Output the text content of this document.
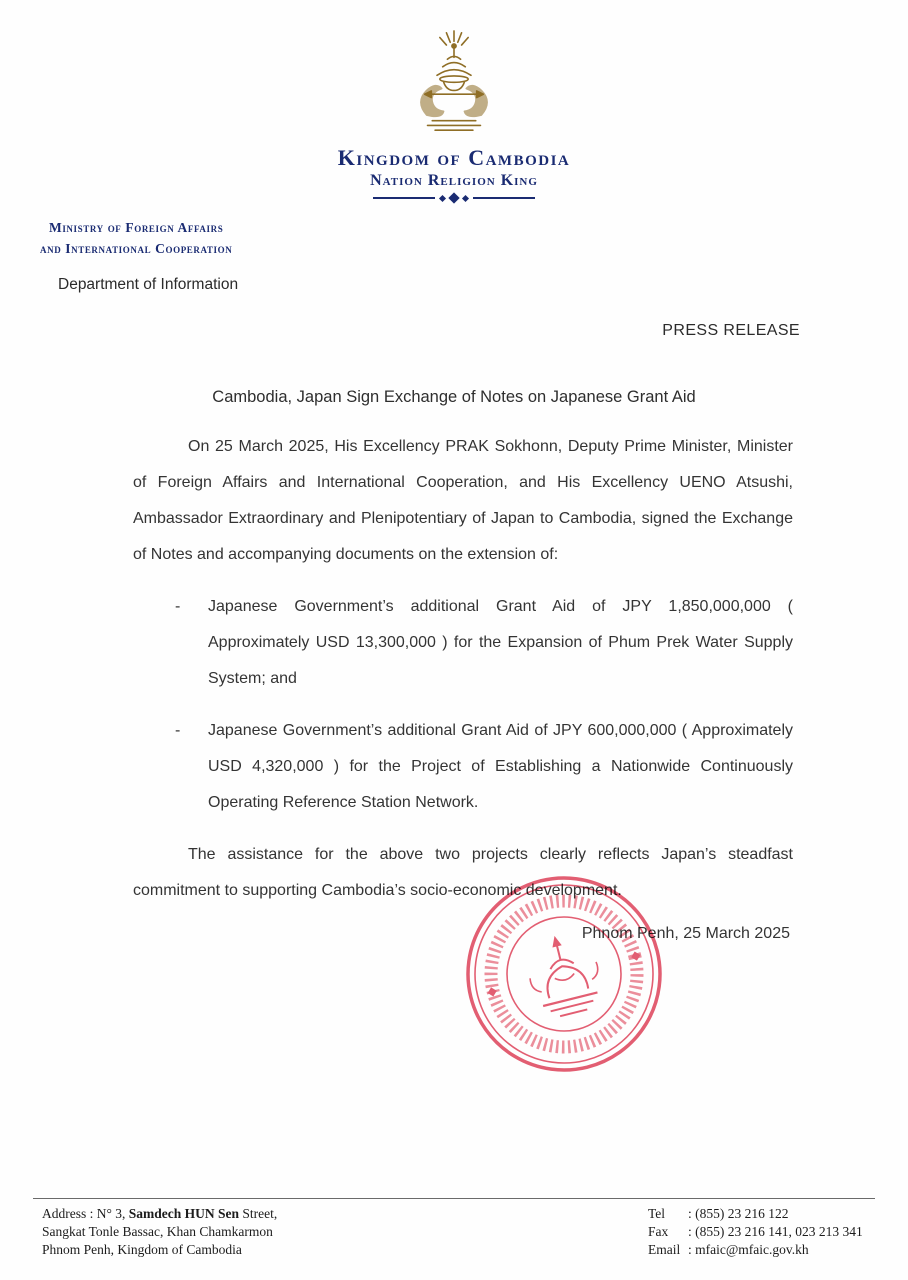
Kingdom of Cambodia
Nation Religion King
Ministry of Foreign Affairs
and International Cooperation
Department of Information
PRESS RELEASE
Cambodia, Japan Sign Exchange of Notes on Japanese Grant Aid

On 25 March 2025, His Excellency PRAK Sokhonn, Deputy Prime Minister, Minister of Foreign Affairs and International Cooperation, and His Excellency UENO Atsushi, Ambassador Extraordinary and Plenipotentiary of Japan to Cambodia, signed the Exchange of Notes and accompanying documents on the extension of:

-	Japanese Government’s additional Grant Aid of JPY 1,850,000,000 ( Approximately USD 13,300,000 ) for the Expansion of Phum Prek Water Supply System; and

-	Japanese Government’s additional Grant Aid of JPY 600,000,000 ( Approximately USD 4,320,000 ) for the Project of Establishing a Nationwide Continuously Operating Reference Station Network.

The assistance for the above two projects clearly reflects Japan’s steadfast commitment to supporting Cambodia’s socio-economic development.

Phnom Penh, 25 March 2025
Address : N° 3, Samdech HUN Sen Street,
Sangkat Tonle Bassac, Khan Chamkarmon
Phnom Penh, Kingdom of Cambodia
Tel	: (855) 23 216 122
Fax	: (855) 23 216 141, 023 213 341
Email : mfaic@mfaic.gov.kh
